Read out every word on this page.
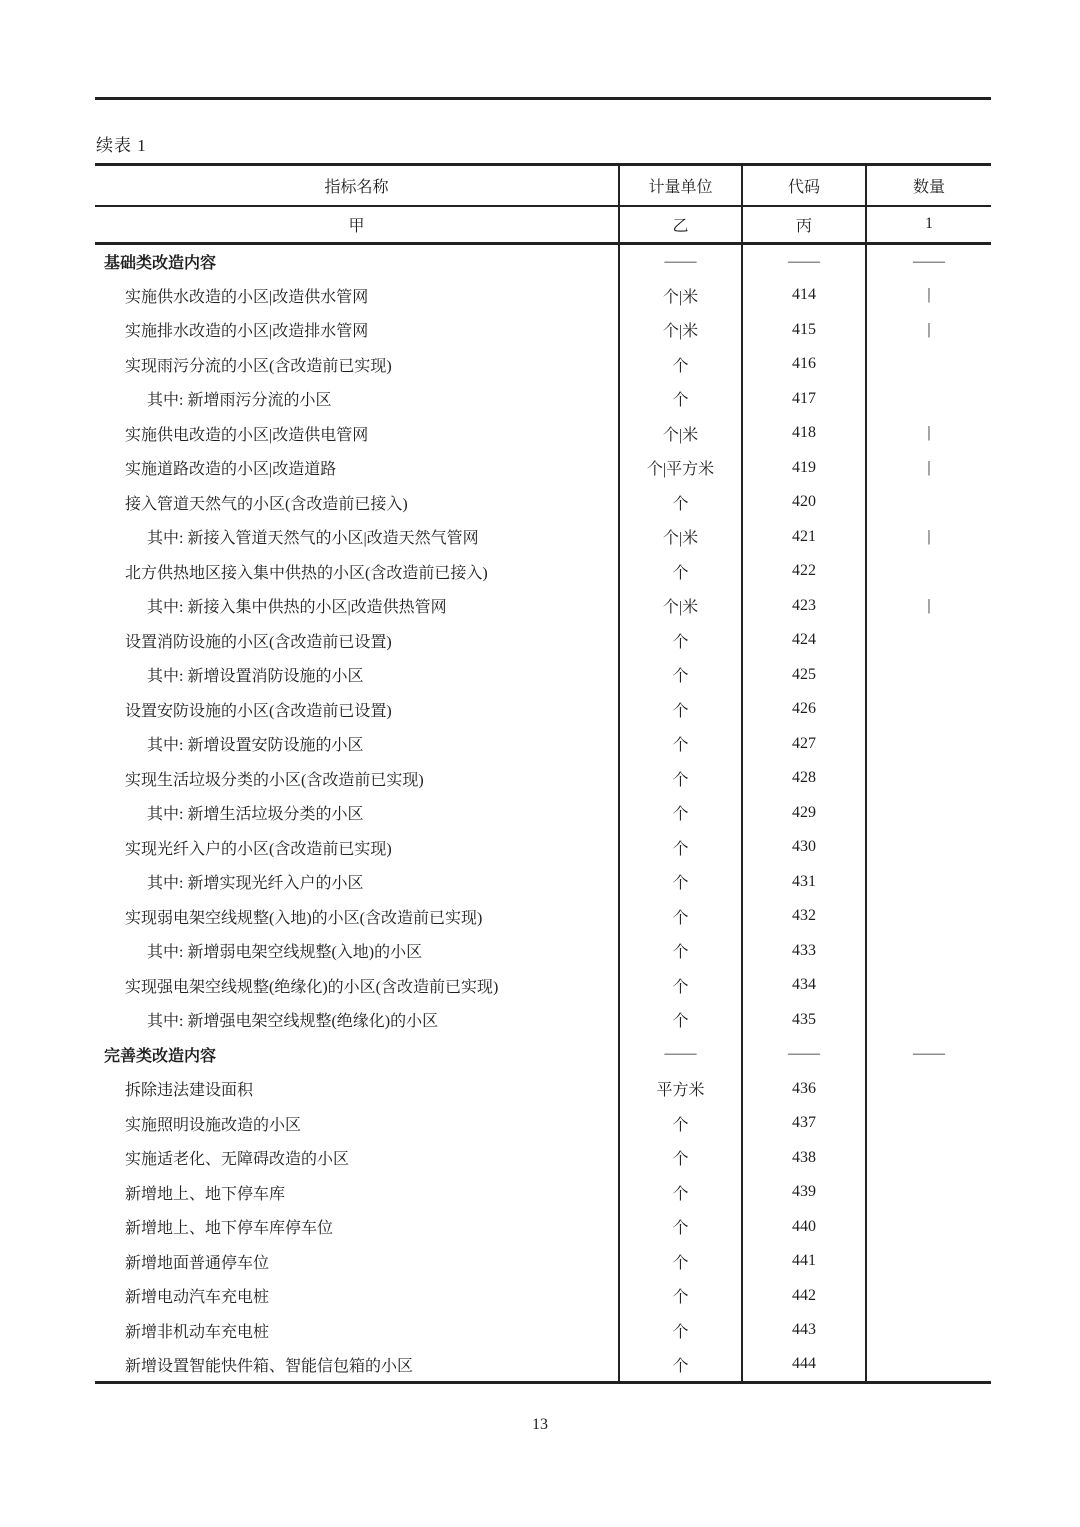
续表 1
指标名称	计量单位	代码	数量
甲	乙	丙	1
基础类改造内容	——	——	——
实施供水改造的小区|改造供水管网	个|米	414	|
实施排水改造的小区|改造排水管网	个|米	415	|
实现雨污分流的小区(含改造前已实现)	个	416	
其中: 新增雨污分流的小区	个	417	
实施供电改造的小区|改造供电管网	个|米	418	|
实施道路改造的小区|改造道路	个|平方米	419	|
接入管道天然气的小区(含改造前已接入)	个	420	
其中: 新接入管道天然气的小区|改造天然气管网	个|米	421	|
北方供热地区接入集中供热的小区(含改造前已接入)	个	422	
其中: 新接入集中供热的小区|改造供热管网	个|米	423	|
设置消防设施的小区(含改造前已设置)	个	424	
其中: 新增设置消防设施的小区	个	425	
设置安防设施的小区(含改造前已设置)	个	426	
其中: 新增设置安防设施的小区	个	427	
实现生活垃圾分类的小区(含改造前已实现)	个	428	
其中: 新增生活垃圾分类的小区	个	429	
实现光纤入户的小区(含改造前已实现)	个	430	
其中: 新增实现光纤入户的小区	个	431	
实现弱电架空线规整(入地)的小区(含改造前已实现)	个	432	
其中: 新增弱电架空线规整(入地)的小区	个	433	
实现强电架空线规整(绝缘化)的小区(含改造前已实现)	个	434	
其中: 新增强电架空线规整(绝缘化)的小区	个	435	
完善类改造内容	——	——	——
拆除违法建设面积	平方米	436	
实施照明设施改造的小区	个	437	
实施适老化、无障碍改造的小区	个	438	
新增地上、地下停车库	个	439	
新增地上、地下停车库停车位	个	440	
新增地面普通停车位	个	441	
新增电动汽车充电桩	个	442	
新增非机动车充电桩	个	443	
新增设置智能快件箱、智能信包箱的小区	个	444	
13
